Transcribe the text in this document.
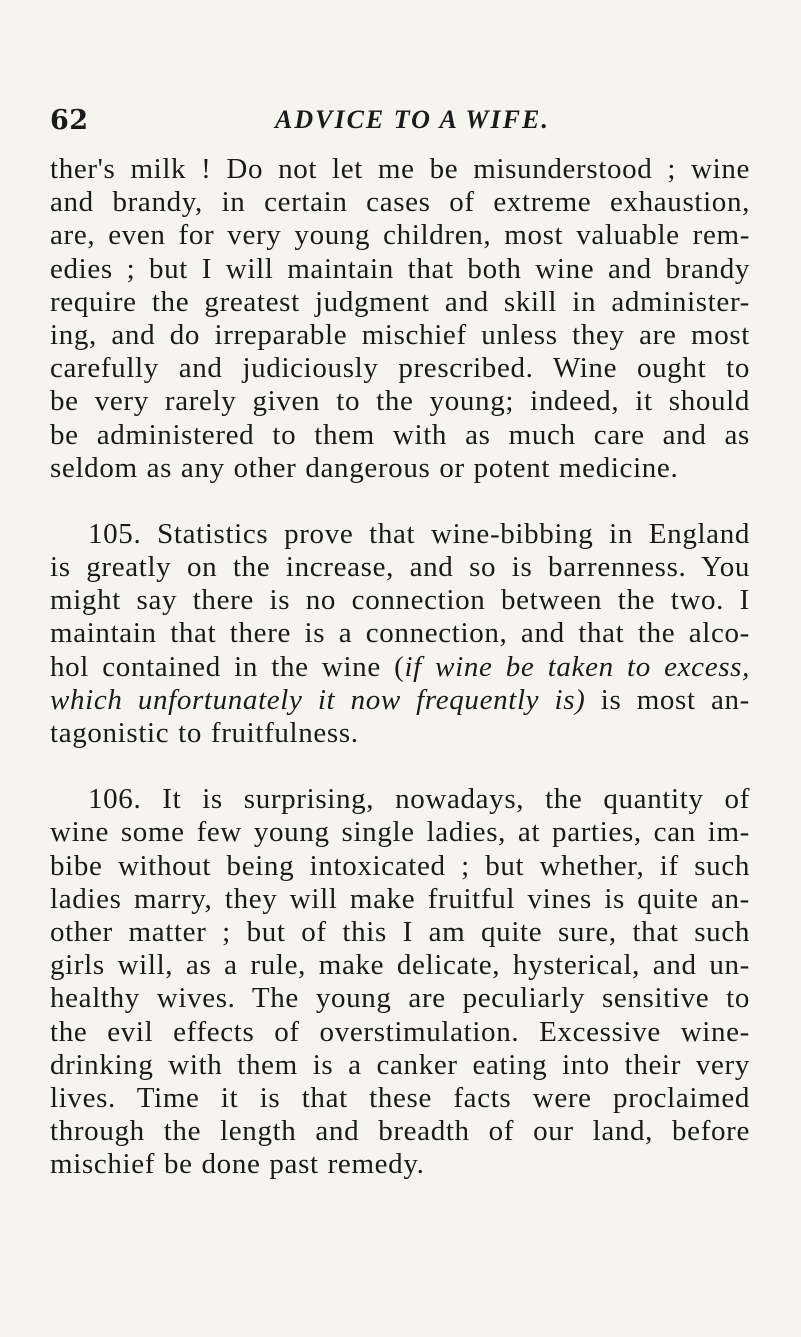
62	ADVICE TO A WIFE.
ther's milk ! Do not let me be misunderstood ; wine
and brandy, in certain cases of extreme exhaustion,
are, even for very young children, most valuable rem-
edies ; but I will maintain that both wine and brandy
require the greatest judgment and skill in administer-
ing, and do irreparable mischief unless they are most
carefully and judiciously prescribed. Wine ought to
be very rarely given to the young; indeed, it should
be administered to them with as much care and as
seldom as any other dangerous or potent medicine.
105. Statistics prove that wine-bibbing in England
is greatly on the increase, and so is barrenness. You
might say there is no connection between the two. I
maintain that there is a connection, and that the alco-
hol contained in the wine (if wine be taken to excess,
which unfortunately it now frequently is) is most an-
tagonistic to fruitfulness.
106. It is surprising, nowadays, the quantity of
wine some few young single ladies, at parties, can im-
bibe without being intoxicated ; but whether, if such
ladies marry, they will make fruitful vines is quite an-
other matter ; but of this I am quite sure, that such
girls will, as a rule, make delicate, hysterical, and un-
healthy wives. The young are peculiarly sensitive to
the evil effects of overstimulation. Excessive wine-
drinking with them is a canker eating into their very
lives. Time it is that these facts were proclaimed
through the length and breadth of our land, before
mischief be done past remedy.
